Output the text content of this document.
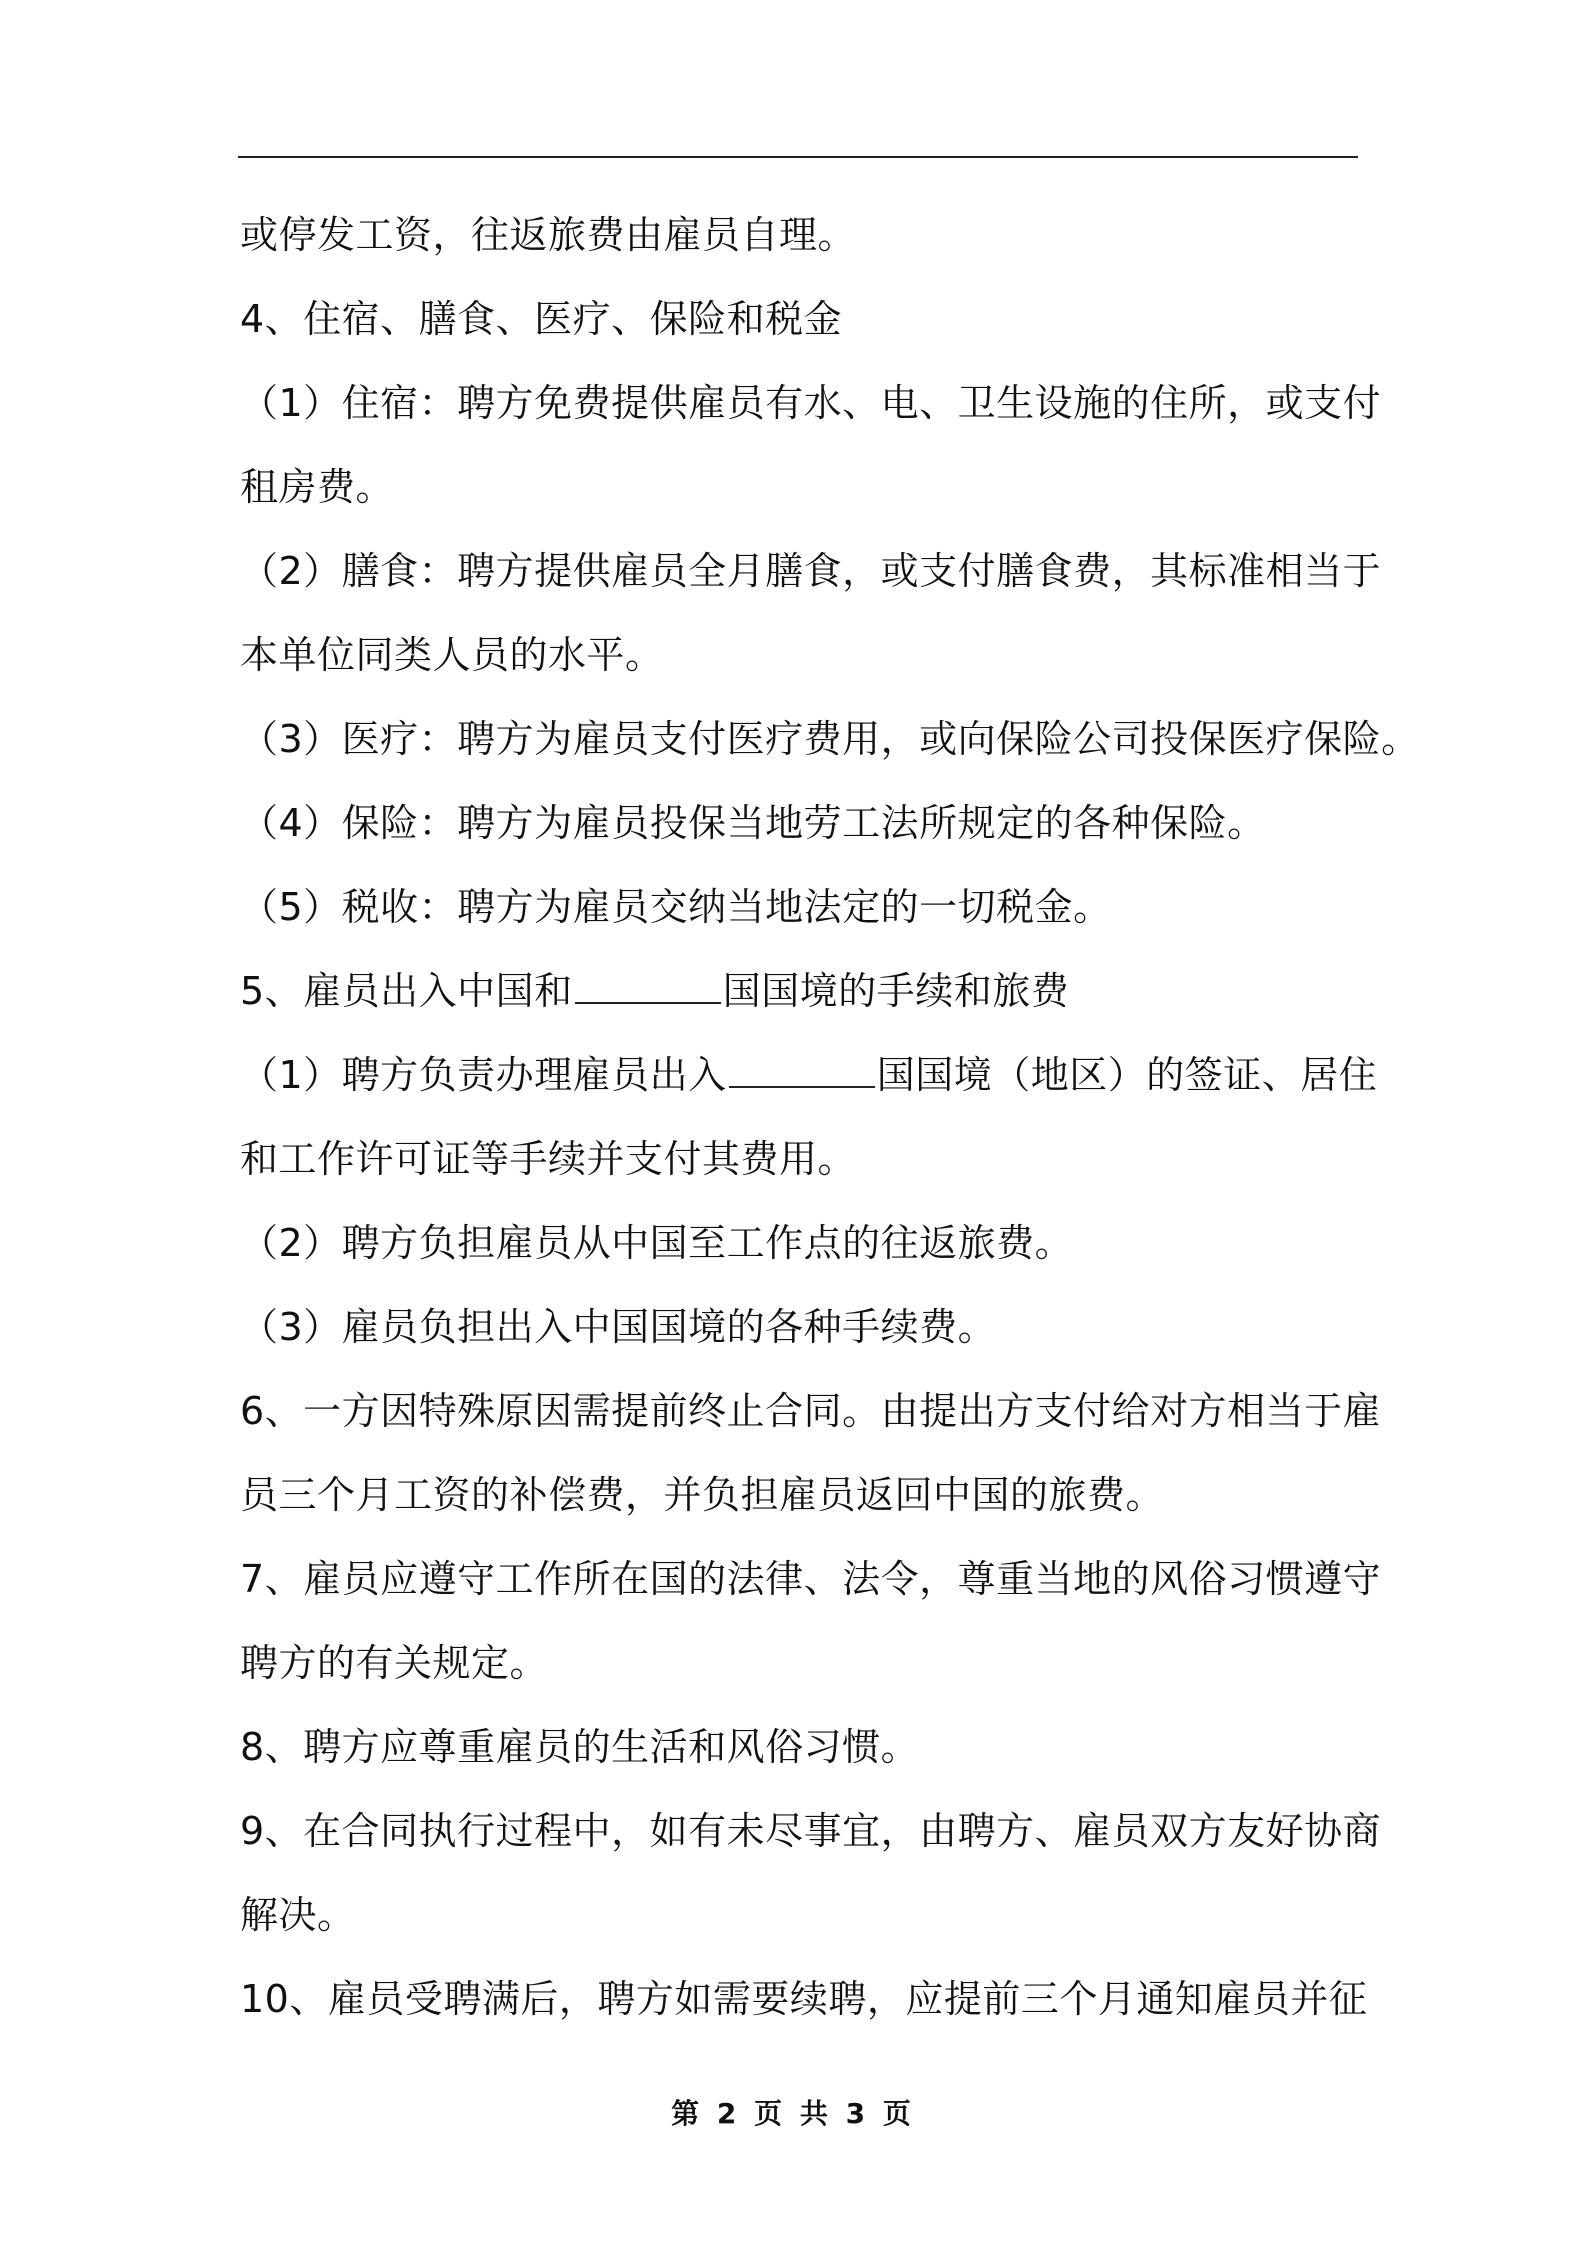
或停发工资，往返旅费由雇员自理。
4、住宿、膳食、医疗、保险和税金
（1）住宿：聘方免费提供雇员有水、电、卫生设施的住所，或支付
租房费。
（2）膳食：聘方提供雇员全月膳食，或支付膳食费，其标准相当于
本单位同类人员的水平。
（3）医疗：聘方为雇员支付医疗费用，或向保险公司投保医疗保险。
（4）保险：聘方为雇员投保当地劳工法所规定的各种保险。
（5）税收：聘方为雇员交纳当地法定的一切税金。
5、雇员出入中国和	国国境的手续和旅费
（1）聘方负责办理雇员出入	国国境（地区）的签证、居住
和工作许可证等手续并支付其费用。
（2）聘方负担雇员从中国至工作点的往返旅费。
（3）雇员负担出入中国国境的各种手续费。
6、一方因特殊原因需提前终止合同。由提出方支付给对方相当于雇
员三个月工资的补偿费，并负担雇员返回中国的旅费。
7、雇员应遵守工作所在国的法律、法令，尊重当地的风俗习惯遵守
聘方的有关规定。
8、聘方应尊重雇员的生活和风俗习惯。
9、在合同执行过程中，如有未尽事宜，由聘方、雇员双方友好协商
解决。
10、雇员受聘满后，聘方如需要续聘，应提前三个月通知雇员并征
第 2 页 共 3 页
